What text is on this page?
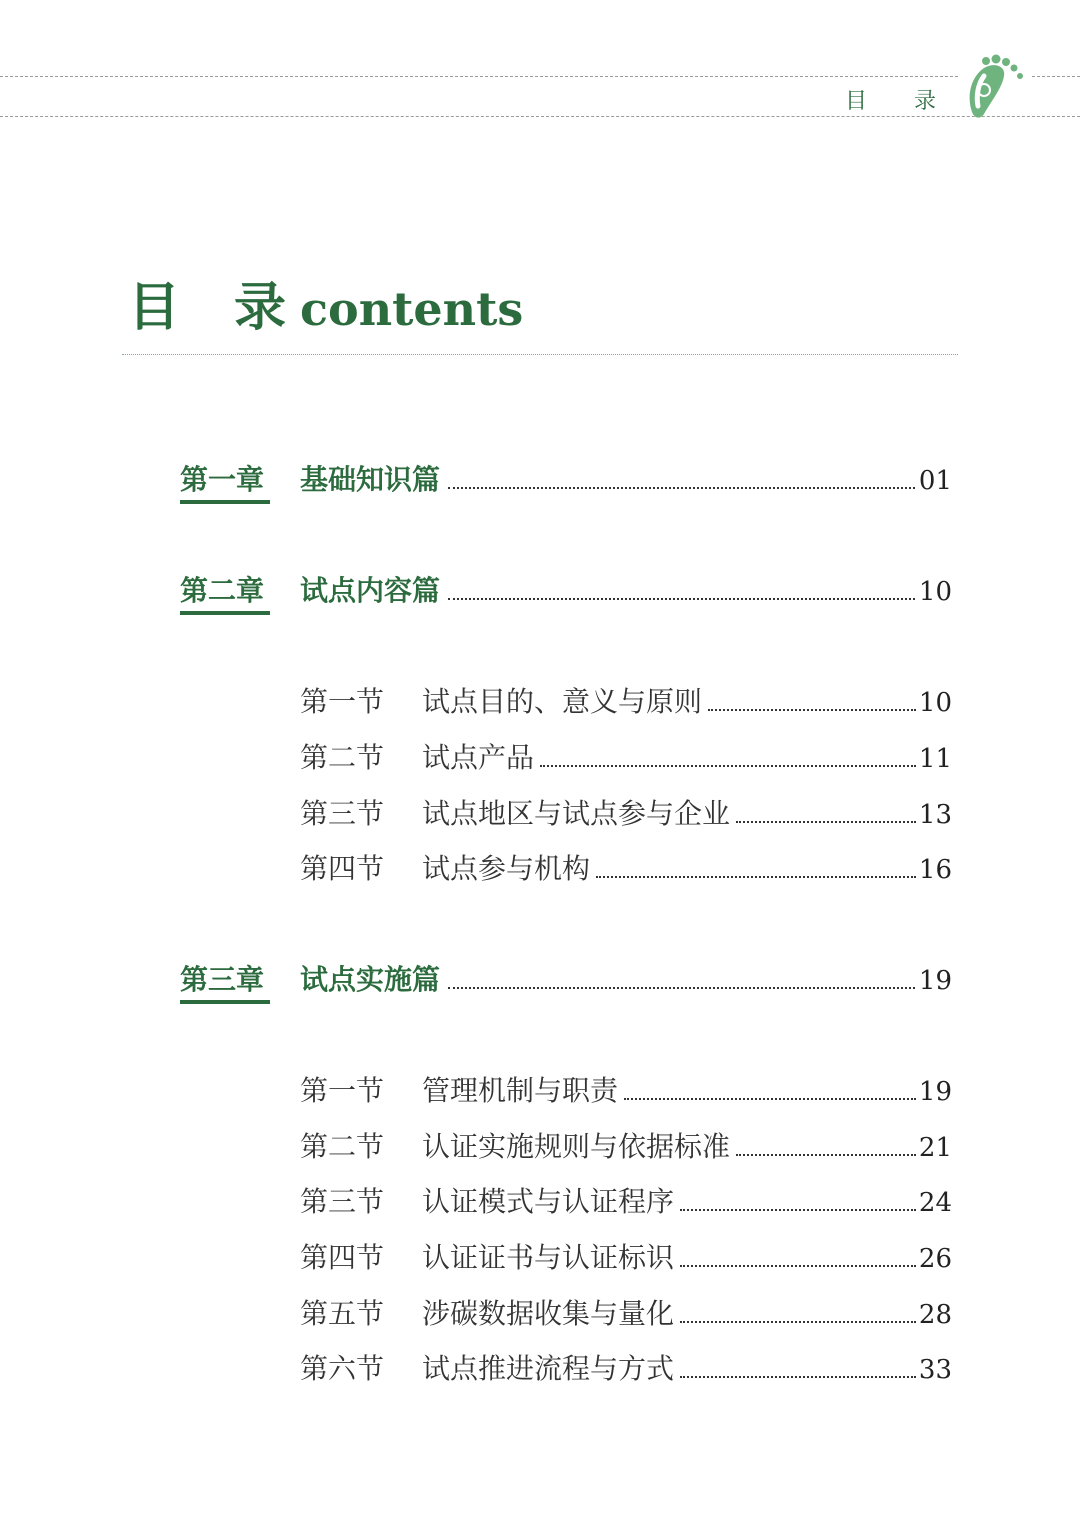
目 录
目 录 contents
第一章	基础知识篇	01
第二章	试点内容篇	10
第一节	试点目的、意义与原则	10
第二节	试点产品	11
第三节	试点地区与试点参与企业	13
第四节	试点参与机构	16
第三章	试点实施篇	19
第一节	管理机制与职责	19
第二节	认证实施规则与依据标准	21
第三节	认证模式与认证程序	24
第四节	认证证书与认证标识	26
第五节	涉碳数据收集与量化	28
第六节	试点推进流程与方式	33
